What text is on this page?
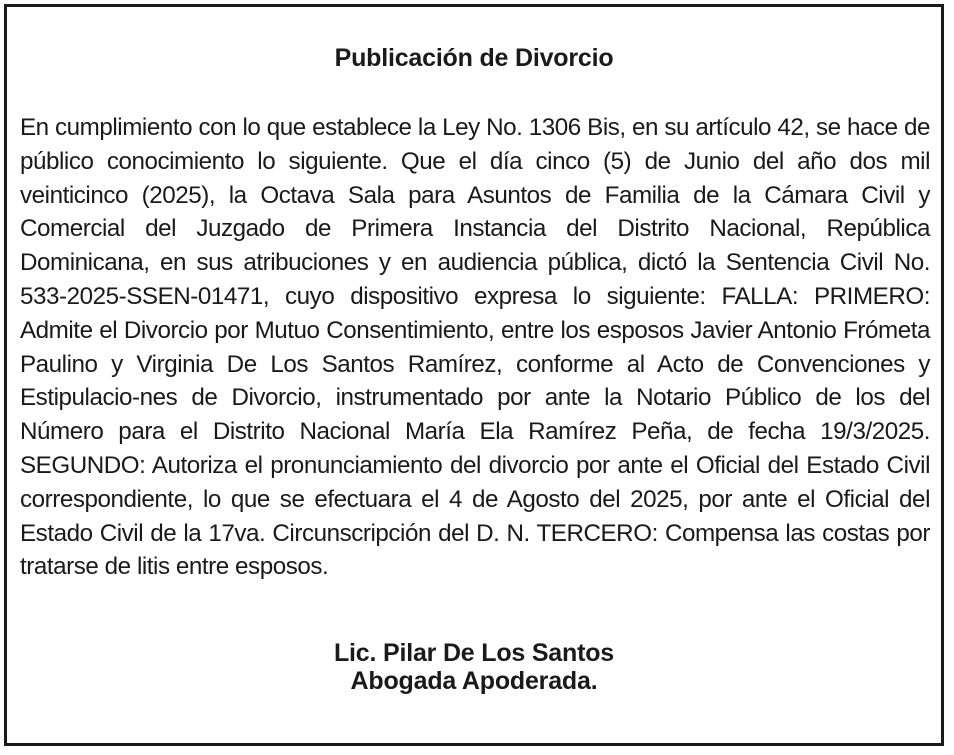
Publicación de Divorcio

En cumplimiento con lo que establece la Ley No. 1306 Bis, en su artículo 42, se hace de público conocimiento lo siguiente. Que el día cinco (5) de Junio del año dos mil veinticinco (2025), la Octava Sala para Asuntos de Familia de la Cámara Civil y Comercial del Juzgado de Primera Instancia del Distrito Nacional, República Dominicana, en sus atribuciones y en audiencia pública, dictó la Sentencia Civil No. 533-2025-SSEN-01471, cuyo dispositivo expresa lo siguiente: FALLA: PRIMERO: Admite el Divorcio por Mutuo Consentimiento, entre los esposos Javier Antonio Frómeta Paulino y Virginia De Los Santos Ramírez, conforme al Acto de Convenciones y Estipulacio-nes de Divorcio, instrumentado por ante la Notario Público de los del Número para el Distrito Nacional María Ela Ramírez Peña, de fecha 19/3/2025. SEGUNDO: Autoriza el pronunciamiento del divorcio por ante el Oficial del Estado Civil correspondiente, lo que se efectuara el 4 de Agosto del 2025, por ante el Oficial del Estado Civil de la 17va. Circunscripción del D. N. TERCERO: Compensa las costas por tratarse de litis entre esposos.

Lic. Pilar De Los Santos
Abogada Apoderada.
